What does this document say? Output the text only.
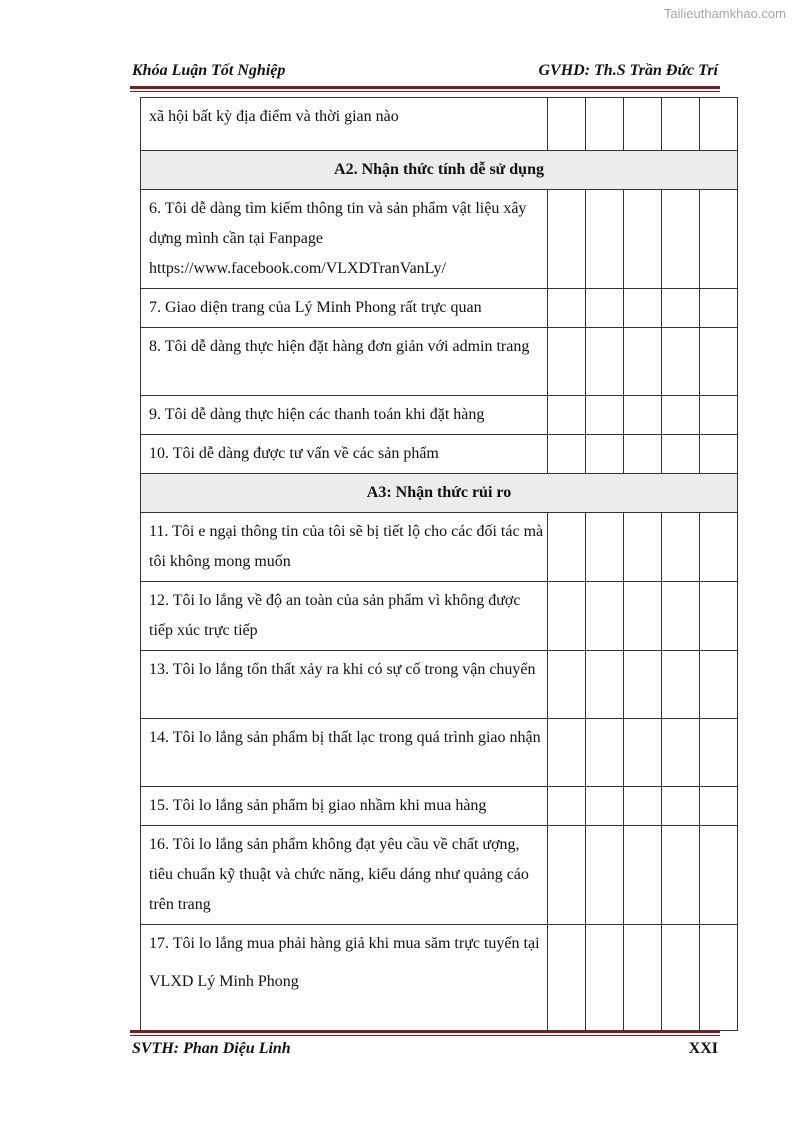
Tailieuthamkhao.com
Khóa Luận Tốt Nghiệp	GVHD: Th.S Trần Đức Trí
xã hội bất kỳ địa điểm và thời gian nào					

A2. Nhận thức tính dễ sử dụng					

6. Tôi dễ dàng tìm kiếm thông tin và sản phẩm vật liệu xây dựng mình cần tại Fanpage https://www.facebook.com/VLXDTranVanLy/					

7. Giao diện trang của Lý Minh Phong rất trực quan					

8. Tôi dễ dàng thực hiện đặt hàng đơn giản với admin trang					

9. Tôi dễ dàng thực hiện các thanh toán khi đặt hàng					

10. Tôi dễ dàng được tư vấn về các sản phẩm					

A3: Nhận thức rủi ro					

11. Tôi e ngại thông tin của tôi sẽ bị tiết lộ cho các đối tác mà tôi không mong muốn					

12. Tôi lo lắng về độ an toàn của sản phẩm vì không được tiếp xúc trực tiếp					

13. Tôi lo lắng tổn thất xảy ra khi có sự cố trong vận chuyển					

14. Tôi lo lắng sản phẩm bị thất lạc trong quá trình giao nhận					

15. Tôi lo lắng sản phẩm bị giao nhầm khi mua hàng					

16. Tôi lo lắng sản phẩm không đạt yêu cầu về chất ượng, tiêu chuẩn kỹ thuật và chức năng, kiểu dáng như quảng cáo trên trang					

17. Tôi lo lắng mua phải hàng giả khi mua săm trực tuyến tại
VLXD Lý Minh Phong					

SVTH: Phan Diệu Linh	XXI
